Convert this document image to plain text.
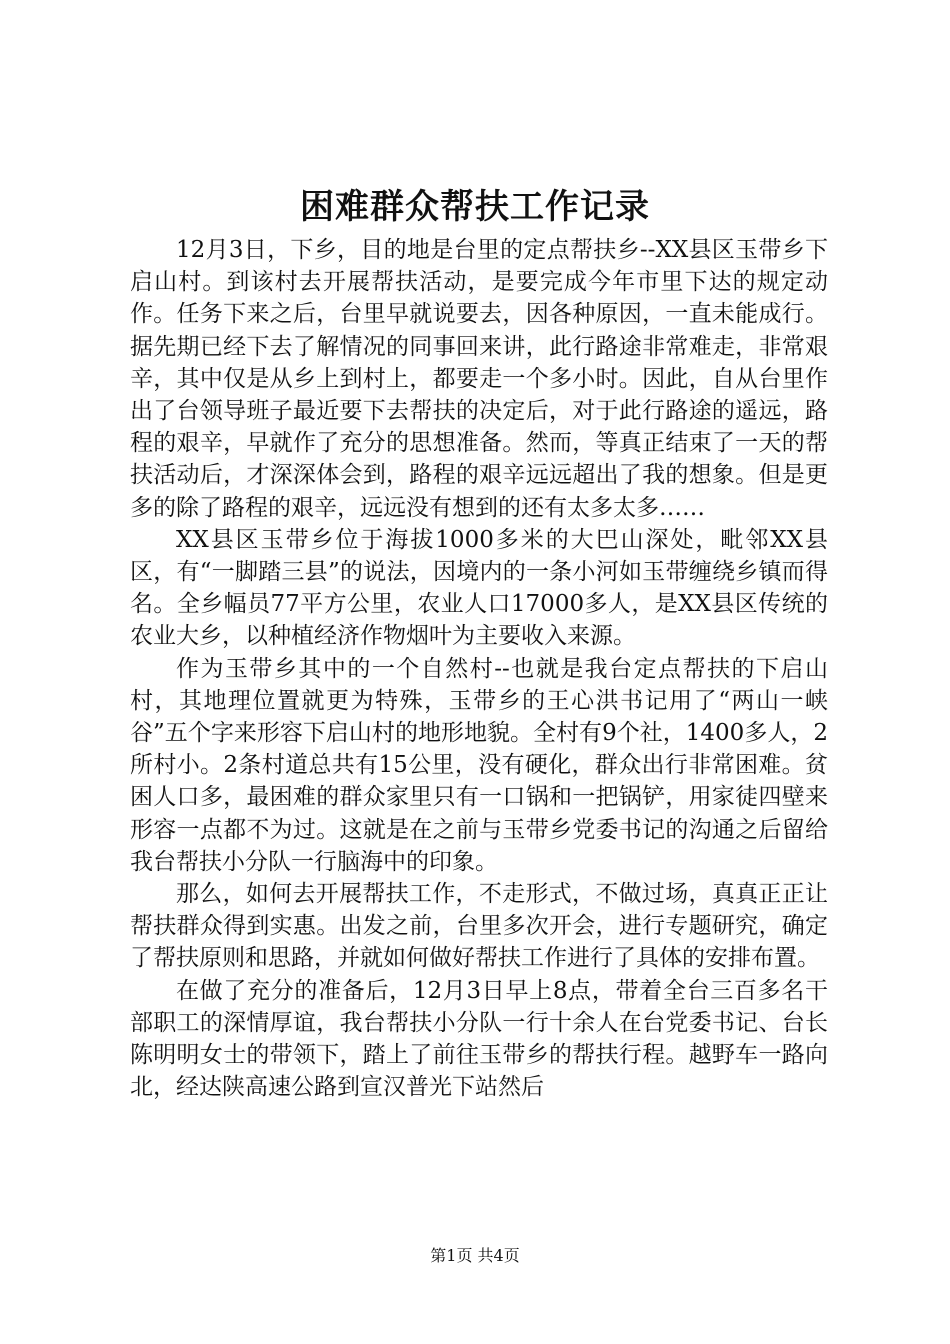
困难群众帮扶工作记录

12月3日，下乡，目的地是台里的定点帮扶乡--XX县区玉带乡下启山村。到该村去开展帮扶活动，是要完成今年市里下达的规定动作。任务下来之后，台里早就说要去，因各种原因，一直未能成行。据先期已经下去了解情况的同事回来讲，此行路途非常难走，非常艰辛，其中仅是从乡上到村上，都要走一个多小时。因此，自从台里作出了台领导班子最近要下去帮扶的决定后，对于此行路途的遥远，路程的艰辛，早就作了充分的思想准备。然而，等真正结束了一天的帮扶活动后，才深深体会到，路程的艰辛远远超出了我的想象。但是更多的除了路程的艰辛，远远没有想到的还有太多太多……

XX县区玉带乡位于海拔1000多米的大巴山深处，毗邻XX县区，有“一脚踏三县”的说法，因境内的一条小河如玉带缠绕乡镇而得名。全乡幅员77平方公里，农业人口17000多人，是XX县区传统的农业大乡，以种植经济作物烟叶为主要收入来源。

作为玉带乡其中的一个自然村--也就是我台定点帮扶的下启山村，其地理位置就更为特殊，玉带乡的王心洪书记用了“两山一峡谷”五个字来形容下启山村的地形地貌。全村有9个社，1400多人，2所村小。2条村道总共有15公里，没有硬化，群众出行非常困难。贫困人口多，最困难的群众家里只有一口锅和一把锅铲，用家徒四壁来形容一点都不为过。这就是在之前与玉带乡党委书记的沟通之后留给我台帮扶小分队一行脑海中的印象。

那么，如何去开展帮扶工作，不走形式，不做过场，真真正正让帮扶群众得到实惠。出发之前，台里多次开会，进行专题研究，确定了帮扶原则和思路，并就如何做好帮扶工作进行了具体的安排布置。

在做了充分的准备后，12月3日早上8点，带着全台三百多名干部职工的深情厚谊，我台帮扶小分队一行十余人在台党委书记、台长陈明明女士的带领下，踏上了前往玉带乡的帮扶行程。越野车一路向北，经达陕高速公路到宣汉普光下站然后

第1页 共4页
